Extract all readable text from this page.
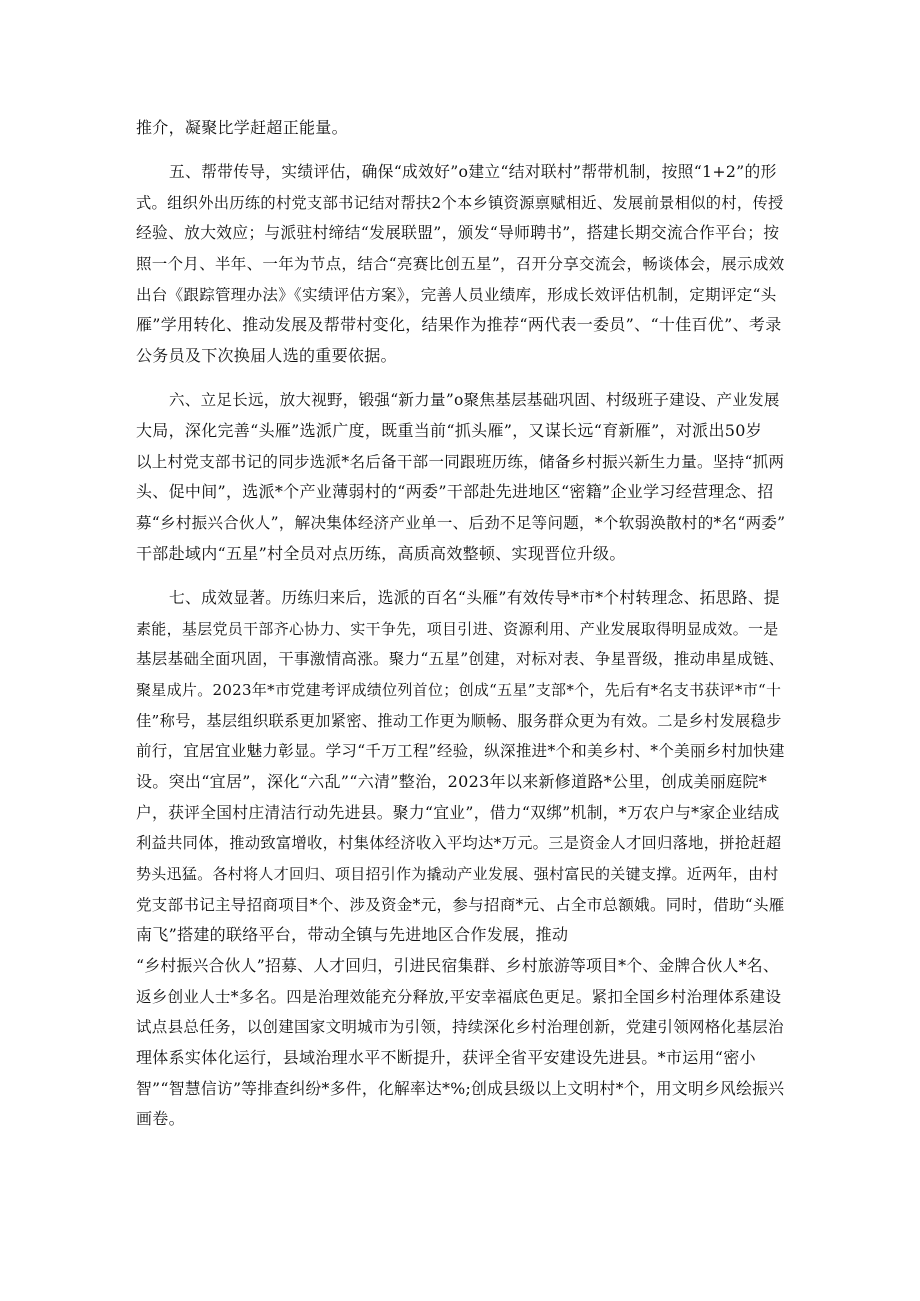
推介，凝聚比学赶超正能量。
五、帮带传导，实绩评估，确保“成效好”o建立“结对联村”帮带机制，按照“1+2”的形
式。组织外出历练的村党支部书记结对帮扶2个本乡镇资源禀赋相近、发展前景相似的村，传授
经验、放大效应；与派驻村缔结“发展联盟”，颁发“导师聘书”，搭建长期交流合作平台；按
照一个月、半年、一年为节点，结合“亮赛比创五星”，召开分享交流会，畅谈体会，展示成效
出台《跟踪管理办法》《实绩评估方案》，完善人员业绩库，形成长效评估机制，定期评定“头
雁”学用转化、推动发展及帮带村变化，结果作为推荐“两代表一委员”、“十佳百优”、考录
公务员及下次换届人选的重要依据。
六、立足长远，放大视野，锻强“新力量”o聚焦基层基础巩固、村级班子建设、产业发展
大局，深化完善“头雁”选派广度，既重当前“抓头雁”，又谋长远“育新雁”，对派出50岁
以上村党支部书记的同步选派*名后备干部一同跟班历练，储备乡村振兴新生力量。坚持“抓两
头、促中间”，选派*个产业薄弱村的“两委”干部赴先进地区“密籍”企业学习经营理念、招
募“乡村振兴合伙人”，解决集体经济产业单一、后劲不足等问题，*个软弱涣散村的*名“两委”
干部赴域内“五星”村全员对点历练，高质高效整顿、实现晋位升级。
七、成效显著。历练归来后，选派的百名“头雁”有效传导*市*个村转理念、拓思路、提
素能，基层党员干部齐心协力、实干争先，项目引进、资源利用、产业发展取得明显成效。一是
基层基础全面巩固，干事激情高涨。聚力“五星”创建，对标对表、争星晋级，推动串星成链、
聚星成片。2023年*市党建考评成绩位列首位；创成“五星”支部*个，先后有*名支书获评*市“十
佳”称号，基层组织联系更加紧密、推动工作更为顺畅、服务群众更为有效。二是乡村发展稳步
前行，宜居宜业魅力彰显。学习“千万工程”经验，纵深推进*个和美乡村、*个美丽乡村加快建
设。突出“宜居”，深化“六乱”“六清”整治，2023年以来新修道路*公里，创成美丽庭院*
户，获评全国村庄清洁行动先进县。聚力“宜业”，借力“双绑”机制，*万农户与*家企业结成
利益共同体，推动致富增收，村集体经济收入平均达*万元。三是资金人才回归落地，拼抢赶超
势头迅猛。各村将人才回归、项目招引作为撬动产业发展、强村富民的关键支撑。近两年，由村
党支部书记主导招商项目*个、涉及资金*元，参与招商*元、占全市总额娥。同时，借助“头雁
南飞”搭建的联络平台，带动全镇与先进地区合作发展，推动
“乡村振兴合伙人”招募、人才回归，引进民宿集群、乡村旅游等项目*个、金牌合伙人*名、
返乡创业人士*多名。四是治理效能充分释放,平安幸福底色更足。紧扣全国乡村治理体系建设
试点县总任务，以创建国家文明城市为引领，持续深化乡村治理创新，党建引领网格化基层治
理体系实体化运行，县域治理水平不断提升，获评全省平安建设先进县。*市运用“密小
智”“智慧信访”等排查纠纷*多件，化解率达*%;创成县级以上文明村*个，用文明乡风绘振兴
画卷。
